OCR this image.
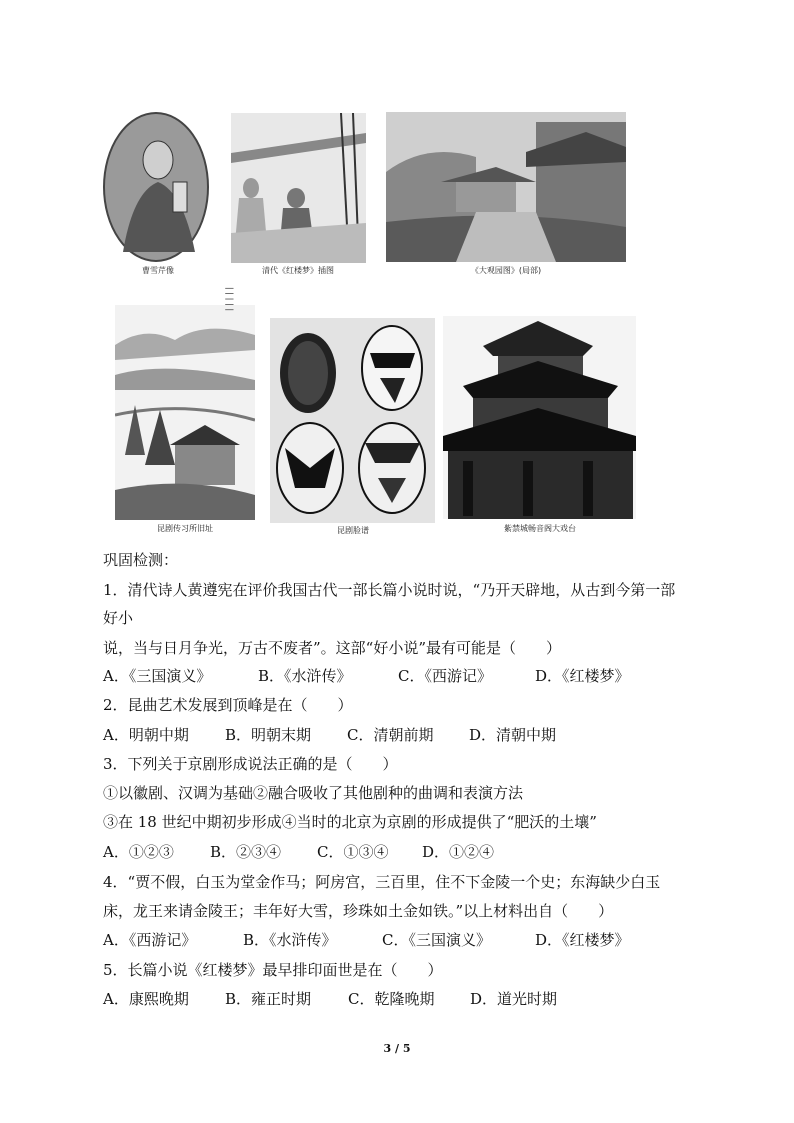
曹雪芹像	清代《红楼梦》插图	《大观园图》(局部)
▏▏▏▏▏
昆剧传习所旧址	昆剧脸谱	紫禁城畅音阁大戏台
巩固检测：
1．清代诗人黄遵宪在评价我国古代一部长篇小说时说，“乃开天辟地，从古到今第一部
好小
说，当与日月争光，万古不废者”。这部“好小说”最有可能是（　　）
A．《三国演义》	B．《水浒传》	C．《西游记》	D．《红楼梦》
2．昆曲艺术发展到顶峰是在（　　）
A．明朝中期 B．明朝末期 C．清朝前期 D．清朝中期
3．下列关于京剧形成说法正确的是（　　）
①以徽剧、汉调为基础②融合吸收了其他剧种的曲调和表演方法
③在 18 世纪中期初步形成④当时的北京为京剧的形成提供了“肥沃的土壤”
A．①②③ B．②③④ C．①③④ D．①②④
4．“贾不假，白玉为堂金作马；阿房宫，三百里，住不下金陵一个史；东海缺少白玉
床，龙王来请金陵王；丰年好大雪，珍珠如土金如铁。”以上材料出自（　　）
A．《西游记》	B．《水浒传》	C．《三国演义》	D．《红楼梦》
5．长篇小说《红楼梦》最早排印面世是在（　　）
A．康熙晚期 B．雍正时期 C．乾隆晚期 D．道光时期
3 / 5
